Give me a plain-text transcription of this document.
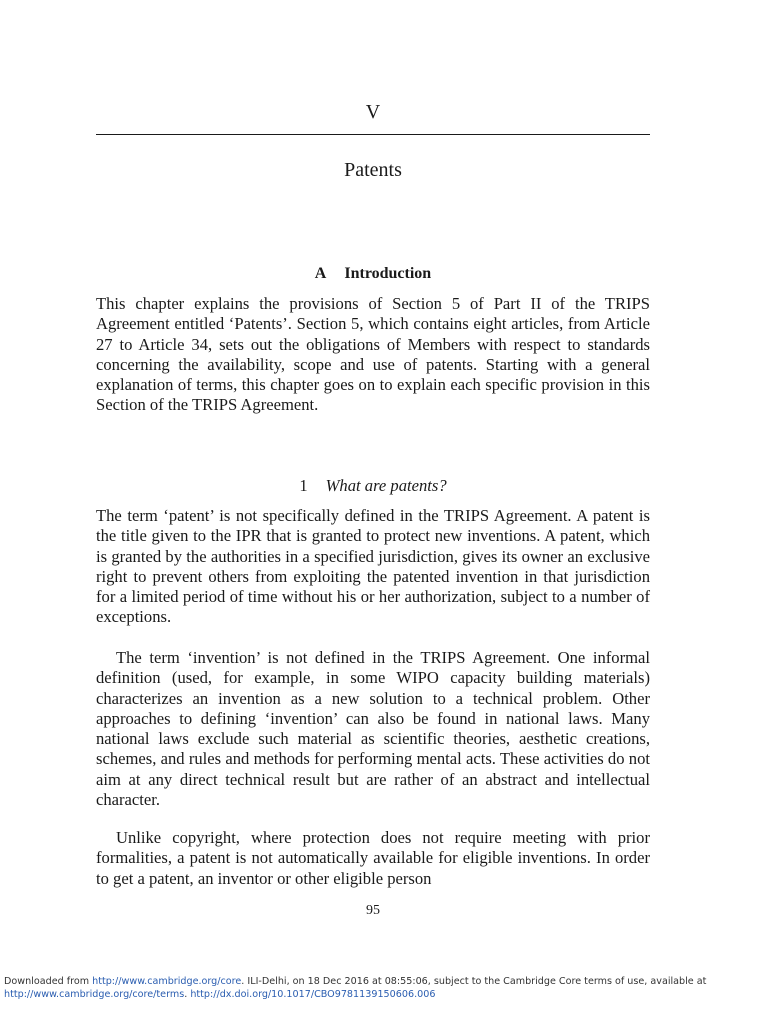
V
Patents
A Introduction

This chapter explains the provisions of Section 5 of Part II of the TRIPS Agreement entitled ‘Patents’. Section 5, which contains eight articles, from Article 27 to Article 34, sets out the obligations of Members with respect to standards concerning the availability, scope and use of patents. Starting with a general explanation of terms, this chapter goes on to explain each specific provision in this Section of the TRIPS Agreement.

1 What are patents?

The term ‘patent’ is not specifically defined in the TRIPS Agreement. A patent is the title given to the IPR that is granted to protect new inventions. A patent, which is granted by the authorities in a specified jurisdiction, gives its owner an exclusive right to prevent others from exploiting the patented invention in that jurisdiction for a limited period of time without his or her authorization, subject to a number of exceptions.

The term ‘invention’ is not defined in the TRIPS Agreement. One informal definition (used, for example, in some WIPO capacity building materials) characterizes an invention as a new solution to a technical problem. Other approaches to defining ‘invention’ can also be found in national laws. Many national laws exclude such material as scientific theories, aesthetic creations, schemes, and rules and methods for performing mental acts. These activities do not aim at any direct technical result but are rather of an abstract and intellectual character.

Unlike copyright, where protection does not require meeting with prior formalities, a patent is not automatically available for eligible inventions. In order to get a patent, an inventor or other eligible person

95
Downloaded from http://www.cambridge.org/core. ILI-Delhi, on 18 Dec 2016 at 08:55:06, subject to the Cambridge Core terms of use, available at
http://www.cambridge.org/core/terms. http://dx.doi.org/10.1017/CBO9781139150606.006
